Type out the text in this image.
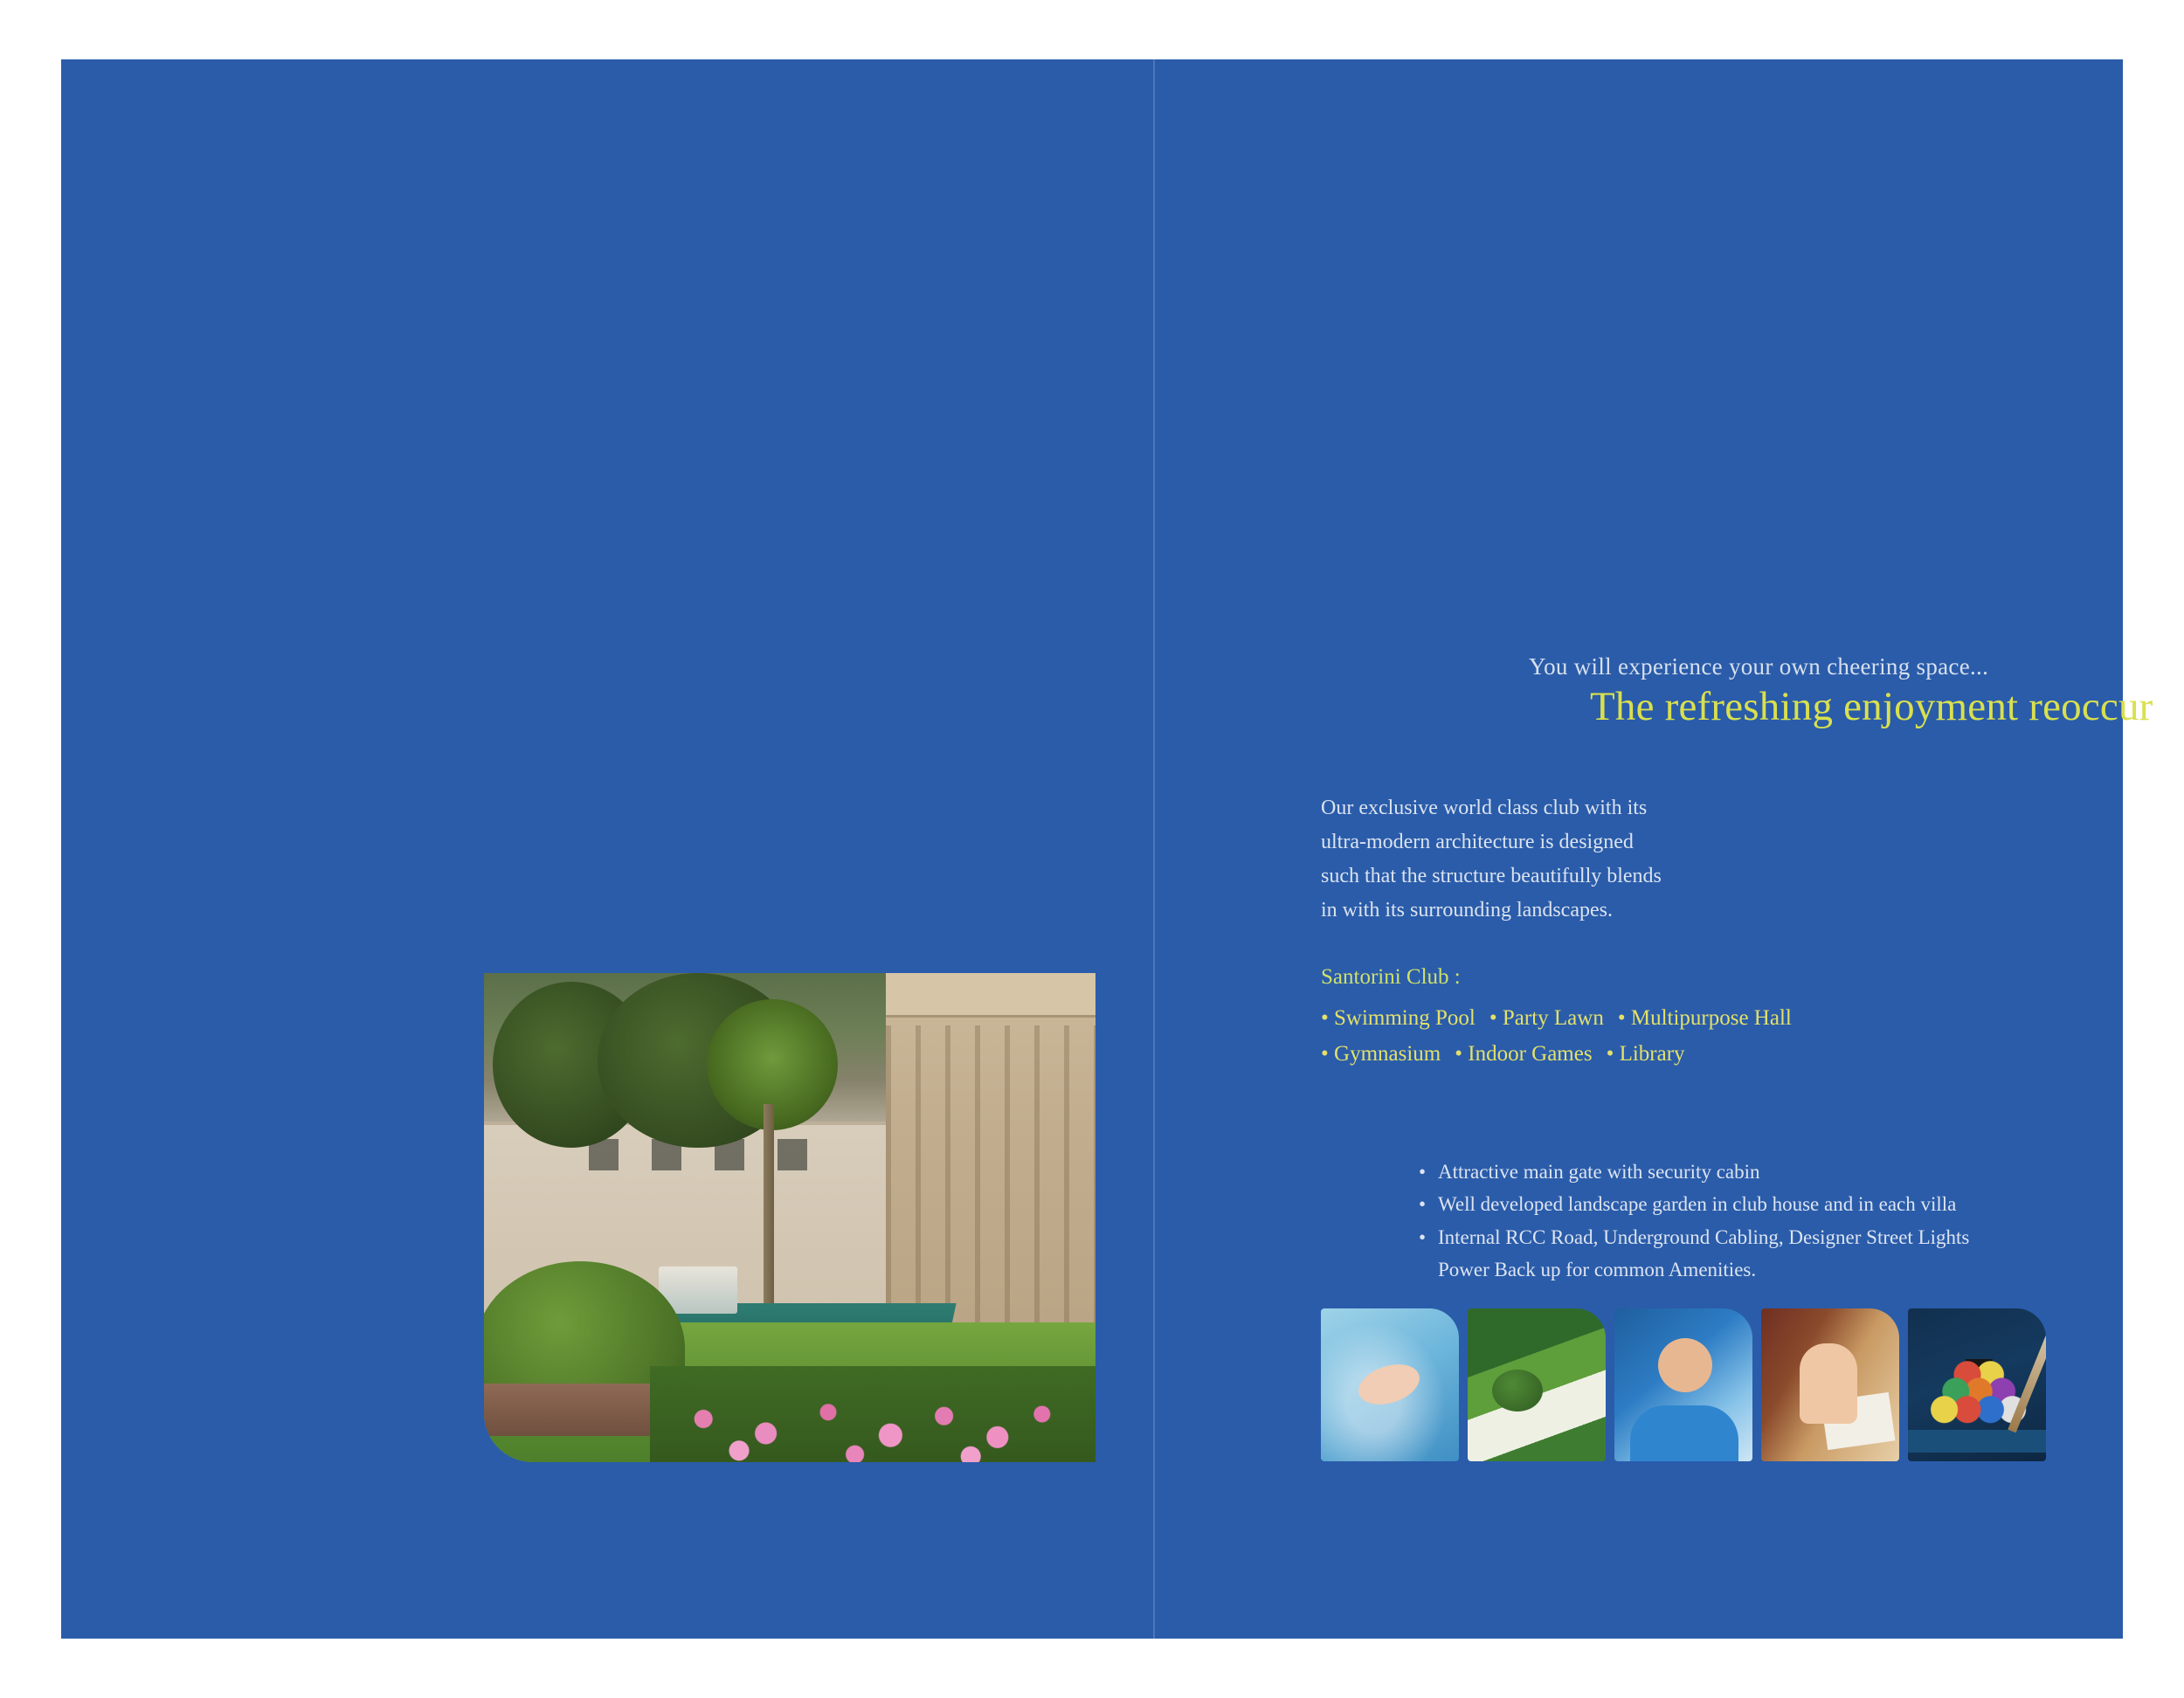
You will experience your own cheering space...
The refreshing enjoyment reoccur
Our exclusive world class club with its
ultra-modern architecture is designed
such that the structure beautifully blends
in with its surrounding landscapes.
Santorini Club :
• Swimming Pool • Party Lawn • Multipurpose Hall
• Gymnasium • Indoor Games • Library
• Attractive main gate with security cabin
• Well developed landscape garden in club house and in each villa
• Internal RCC Road, Underground Cabling, Designer Street Lights
Power Back up for common Amenities.
